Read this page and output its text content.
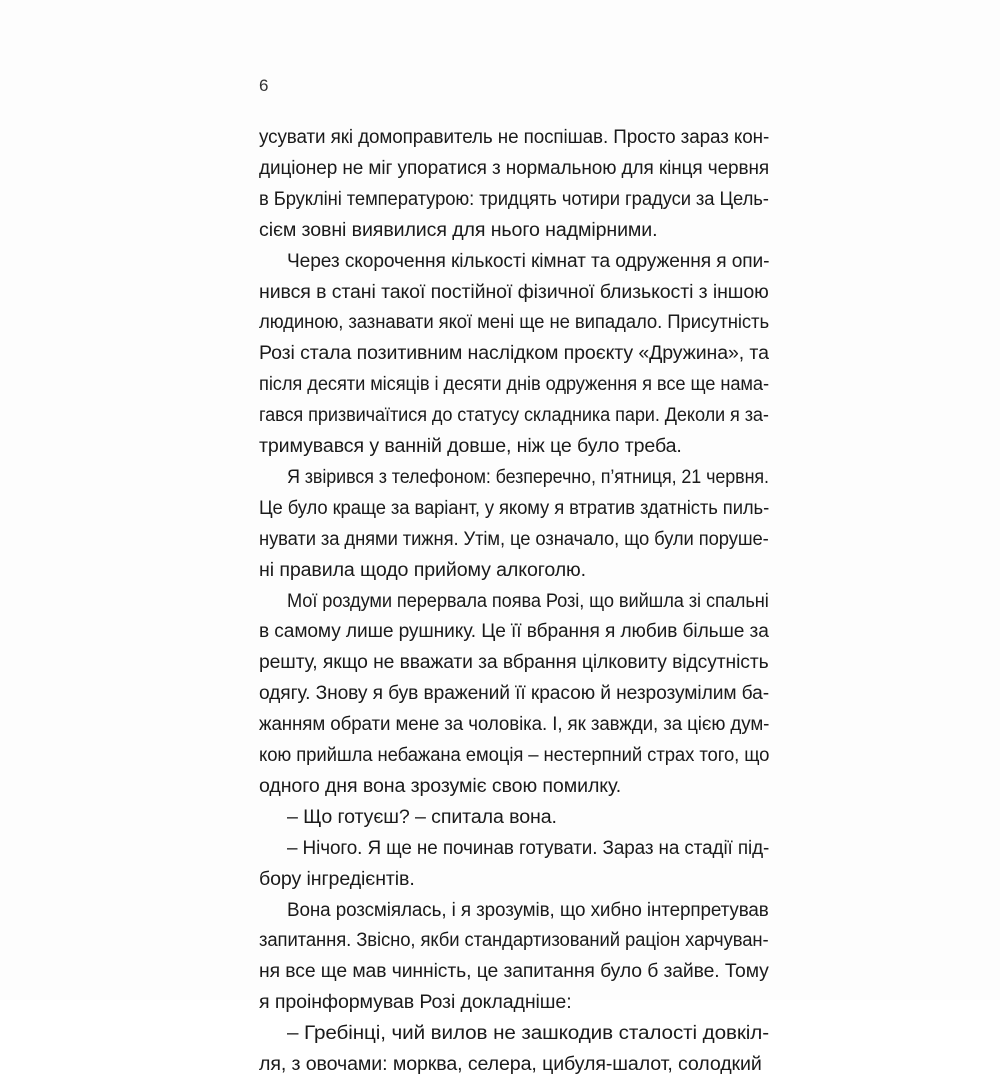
6
усувати які домоправитель не поспішав. Просто зараз кон-
диціонер не міг упоратися з нормальною для кінця червня
в Брукліні температурою: тридцять чотири градуси за Цель-
сієм зовні виявилися для нього надмірними.
Через скорочення кількості кімнат та одруження я опи-
нився в стані такої постійної фізичної близькості з іншою
людиною, зазнавати якої мені ще не випадало. Присутність
Розі стала позитивним наслідком проєкту «Дружина», та
після десяти місяців і десяти днів одруження я все ще нама-
гався призвичаїтися до статусу складника пари. Деколи я за-
тримувався у ванній довше, ніж це було треба.
Я звірився з телефоном: безперечно, п’ятниця, 21 червня.
Це було краще за варіант, у якому я втратив здатність пиль-
нувати за днями тижня. Утім, це означало, що були поруше-
ні правила щодо прийому алкоголю.
Мої роздуми перервала поява Розі, що вийшла зі спальні
в самому лише рушнику. Це її вбрання я любив більше за
решту, якщо не вважати за вбрання цілковиту відсутність
одягу. Знову я був вражений її красою й незрозумілим ба-
жанням обрати мене за чоловіка. І, як завжди, за цією дум-
кою прийшла небажана емоція – нестерпний страх того, що
одного дня вона зрозуміє свою помилку.
– Що готуєш? – спитала вона.
– Нічого. Я ще не починав готувати. Зараз на стадії під-
бору інгредієнтів.
Вона розсміялась, і я зрозумів, що хибно інтерпретував
запитання. Звісно, якби стандартизований раціон харчуван-
ня все ще мав чинність, це запитання було б зайве. Тому
я проінформував Розі докладніше:
– Гребінці, чий вилов не зашкодив сталості довкіл-
ля, з овочами: морква, селера, цибуля-шалот, солодкий
